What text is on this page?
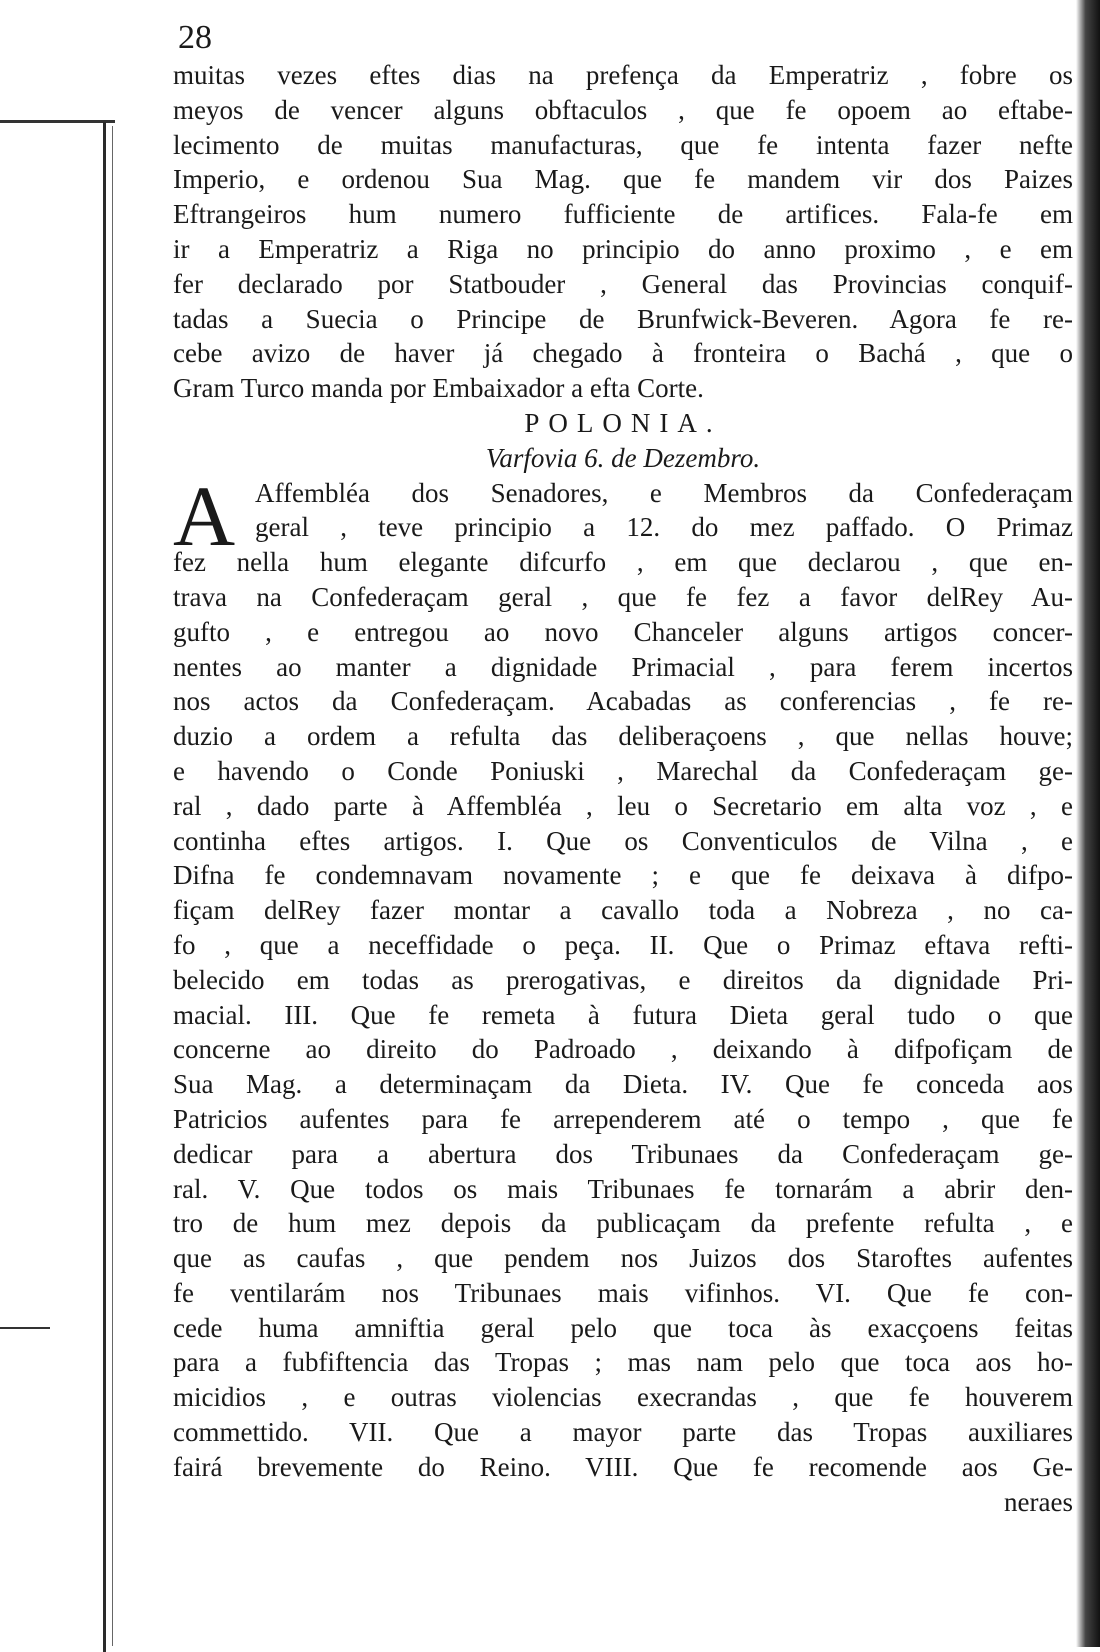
28
muitas vezes eftes dias na prefença da Emperatriz , fobre os
meyos de vencer alguns obftaculos , que fe opoem ao eftabe-
lecimento de muitas manufacturas, que fe intenta fazer nefte
Imperio, e ordenou Sua Mag. que fe mandem vir dos Paizes
Eftrangeiros hum numero fufficiente de artifices. Fala-fe em
ir a Emperatriz a Riga no principio do anno proximo , e em
fer declarado por Statbouder , General das Provincias conquif-
tadas a Suecia o Principe de Brunfwick-Beveren. Agora fe re-
cebe avizo de haver já chegado à fronteira o Bachá , que o
Gram Turco manda por Embaixador a efta Corte.
POLONIA.
Varfovia 6. de Dezembro.
A Affembléa dos Senadores, e Membros da Confederaçam
geral , teve principio a 12. do mez paffado. O Primaz
fez nella hum elegante difcurfo , em que declarou , que en-
trava na Confederaçam geral , que fe fez a favor delRey Au-
gufto , e entregou ao novo Chanceler alguns artigos concer-
nentes ao manter a dignidade Primacial , para ferem incertos
nos actos da Confederaçam. Acabadas as conferencias , fe re-
duzio a ordem a refulta das deliberaçoens , que nellas houve;
e havendo o Conde Poniuski , Marechal da Confederaçam ge-
ral , dado parte à Affembléa , leu o Secretario em alta voz , e
continha eftes artigos. I. Que os Conventiculos de Vilna , e
Difna fe condemnavam novamente ; e que fe deixava à difpo-
fiçam delRey fazer montar a cavallo toda a Nobreza , no ca-
fo , que a neceffidade o peça. II. Que o Primaz eftava refti-
belecido em todas as prerogativas, e direitos da dignidade Pri-
macial. III. Que fe remeta à futura Dieta geral tudo o que
concerne ao direito do Padroado , deixando à difpofiçam de
Sua Mag. a determinaçam da Dieta. IV. Que fe conceda aos
Patricios aufentes para fe arrependerem até o tempo , que fe
dedicar para a abertura dos Tribunaes da Confederaçam ge-
ral. V. Que todos os mais Tribunaes fe tornarám a abrir den-
tro de hum mez depois da publicaçam da prefente refulta , e
que as caufas , que pendem nos Juizos dos Staroftes aufentes
fe ventilarám nos Tribunaes mais vifinhos. VI. Que fe con-
cede huma amniftia geral pelo que toca às exacçoens feitas
para a fubfiftencia das Tropas ; mas nam pelo que toca aos ho-
micidios , e outras violencias execrandas , que fe houverem
commettido. VII. Que a mayor parte das Tropas auxiliares
fairá brevemente do Reino. VIII. Que fe recomende aos Ge-
neraes
